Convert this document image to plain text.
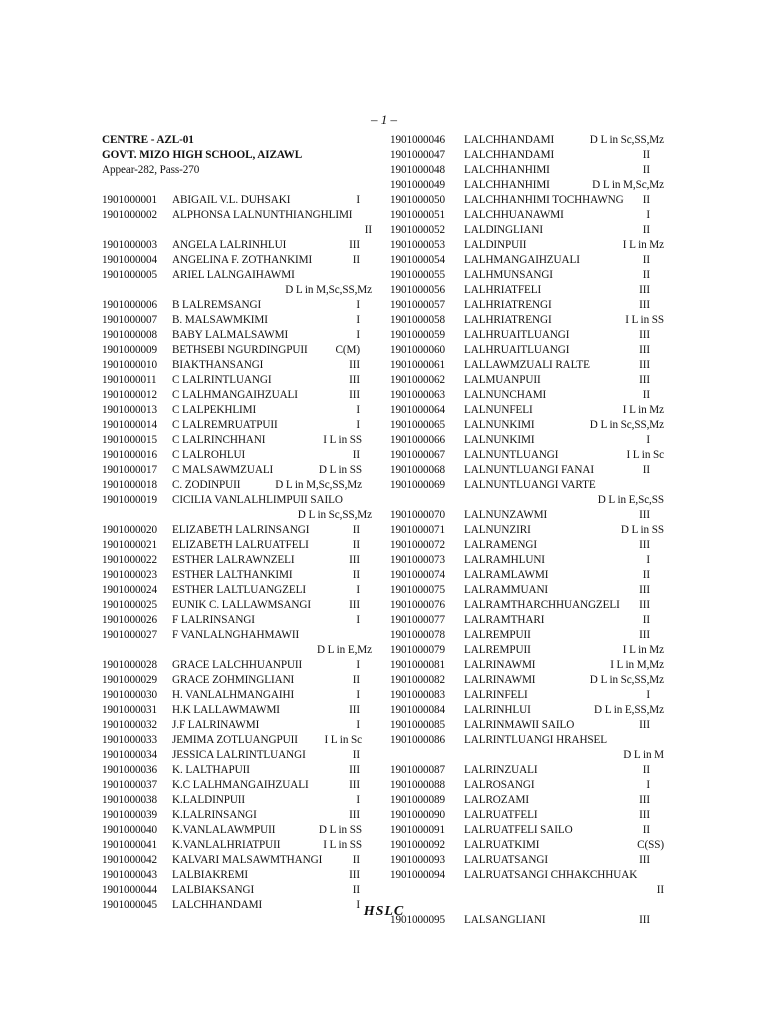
– 1 –
CENTRE - AZL-01
GOVT. MIZO HIGH SCHOOL, AIZAWL
Appear-282, Pass-270
1901000001 ABIGAIL V.L. DUHSAKI	I
1901000002 ALPHONSA LALNUNTHIANGHLIMI
II
1901000003 ANGELA LALRINHLUI	III
1901000004 ANGELINA F. ZOTHANKIMI	II
1901000005 ARIEL LALNGAIHAWMI
D L in M,Sc,SS,Mz
1901000006 B LALREMSANGI	I
1901000007 B. MALSAWMKIMI	I
1901000008 BABY LALMALSAWMI	I
1901000009 BETHSEBI NGURDINGPUII C(M)
1901000010 BIAKTHANSANGI	III
1901000011 C LALRINTLUANGI	III
1901000012 C LALHMANGAIHZUALI	III
1901000013 C LALPEKHLIMI	I
1901000014 C LALREMRUATPUII	I
1901000015 C LALRINCHHANI	I L in SS
1901000016 C LALROHLUI	II
1901000017 C MALSAWMZUALI	D L in SS
1901000018 C. ZODINPUII	D L in M,Sc,SS,Mz
1901000019 CICILIA VANLALHLIMPUII SAILO
D L in Sc,SS,Mz
1901000020 ELIZABETH LALRINSANGI	II
1901000021 ELIZABETH LALRUATFELI	II
1901000022 ESTHER LALRAWNZELI	III
1901000023 ESTHER LALTHANKIMI	II
1901000024 ESTHER LALTLUANGZELI	I
1901000025 EUNIK C. LALLAWMSANGI	III
1901000026 F LALRINSANGI	I
1901000027 F VANLALNGHAHMAWII
D L in E,Mz
1901000028 GRACE LALCHHUANPUII	I
1901000029 GRACE ZOHMINGLIANI	II
1901000030 H. VANLALHMANGAIHI	I
1901000031 H.K LALLAWMAWMI	III
1901000032 J.F LALRINAWMI	I
1901000033 JEMIMA ZOTLUANGPUII I L in Sc
1901000034 JESSICA LALRINTLUANGI	II
1901000036 K. LALTHAPUII	III
1901000037 K.C LALHMANGAIHZUALI	III
1901000038 K.LALDINPUII	I
1901000039 K.LALRINSANGI	III
1901000040 K.VANLALAWMPUII	D L in SS
1901000041 K.VANLALHRIATPUII	I L in SS
1901000042 KALVARI MALSAWMTHANGI	II
1901000043 LALBIAKREMI	III
1901000044 LALBIAKSANGI	II
1901000045 LALCHHANDAMI	I
1901000046 LALCHHANDAMI	D L in Sc,SS,Mz
1901000047 LALCHHANDAMI	II
1901000048 LALCHHANHIMI	II
1901000049 LALCHHANHIMI	D L in M,Sc,Mz
1901000050 LALCHHANHIMI TOCHHAWNG II
1901000051 LALCHHUANAWMI	I
1901000052 LALDINGLIANI	II
1901000053 LALDINPUII	I L in Mz
1901000054 LALHMANGAIHZUALI	II
1901000055 LALHMUNSANGI	II
1901000056 LALHRIATFELI	III
1901000057 LALHRIATRENGI	III
1901000058 LALHRIATRENGI	I L in SS
1901000059 LALHRUAITLUANGI	III
1901000060 LALHRUAITLUANGI	III
1901000061 LALLAWMZUALI RALTE	III
1901000062 LALMUANPUII	III
1901000063 LALNUNCHAMI	II
1901000064 LALNUNFELI	I L in Mz
1901000065 LALNUNKIMI	D L in Sc,SS,Mz
1901000066 LALNUNKIMI	I
1901000067 LALNUNTLUANGI	I L in Sc
1901000068 LALNUNTLUANGI FANAI	II
1901000069 LALNUNTLUANGI VARTE
D L in E,Sc,SS
1901000070 LALNUNZAWMI	III
1901000071 LALNUNZIRI	D L in SS
1901000072 LALRAMENGI	III
1901000073 LALRAMHLUNI	I
1901000074 LALRAMLAWMI	II
1901000075 LALRAMMUANI	III
1901000076 LALRAMTHARCHHUANGZELI III
1901000077 LALRAMTHARI	II
1901000078 LALREMPUII	III
1901000079 LALREMPUII	I L in Mz
1901000081 LALRINAWMI	I L in M,Mz
1901000082 LALRINAWMI	D L in Sc,SS,Mz
1901000083 LALRINFELI	I
1901000084 LALRINHLUI	D L in E,SS,Mz
1901000085 LALRINMAWII SAILO	III
1901000086 LALRINTLUANGI HRAHSEL
D L in M
1901000087 LALRINZUALI	II
1901000088 LALROSANGI	I
1901000089 LALROZAMI	III
1901000090 LALRUATFELI	III
1901000091 LALRUATFELI SAILO	II
1901000092 LALRUATKIMI	C(SS)
1901000093 LALRUATSANGI	III
1901000094 LALRUATSANGI CHHAKCHHUAK
II
1901000095 LALSANGLIANI	III
HSLC
